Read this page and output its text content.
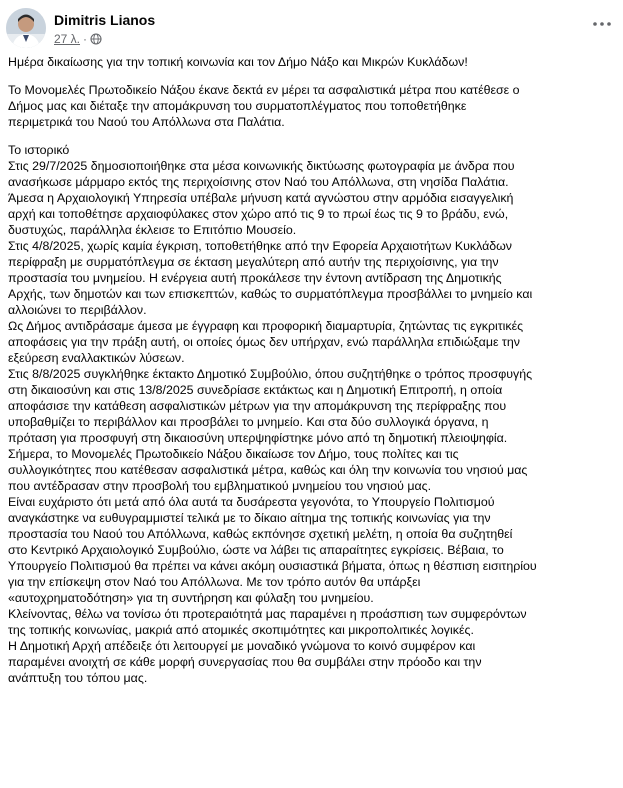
Dimitris Lianos
27 λ. ·

Ημέρα δικαίωσης για την τοπική κοινωνία και τον Δήμο Νάξο και Μικρών Κυκλάδων!

Το Μονομελές Πρωτοδικείο Νάξου έκανε δεκτά εν μέρει τα ασφαλιστικά μέτρα που κατέθεσε ο

Δήμος μας και διέταξε την απομάκρυνση του συρματοπλέγματος που τοποθετήθηκε

περιμετρικά του Ναού του Απόλλωνα στα Παλάτια.

Το ιστορικό

Στις 29/7/2025 δημοσιοποιήθηκε στα μέσα κοινωνικής δικτύωσης φωτογραφία με άνδρα που

ανασήκωσε μάρμαρο εκτός της περιχοίσινης στον Ναό του Απόλλωνα, στη νησίδα Παλάτια.

Άμεσα η Αρχαιολογική Υπηρεσία υπέβαλε μήνυση κατά αγνώστου στην αρμόδια εισαγγελική

αρχή και τοποθέτησε αρχαιοφύλακες στον χώρο από τις 9 το πρωί έως τις 9 το βράδυ, ενώ,

δυστυχώς, παράλληλα έκλεισε το Επιτόπιο Μουσείο.

Στις 4/8/2025, χωρίς καμία έγκριση, τοποθετήθηκε από την Εφορεία Αρχαιοτήτων Κυκλάδων

περίφραξη με συρματόπλεγμα σε έκταση μεγαλύτερη από αυτήν της περιχοίσινης, για την

προστασία του μνημείου. Η ενέργεια αυτή προκάλεσε την έντονη αντίδραση της Δημοτικής

Αρχής, των δημοτών και των επισκεπτών, καθώς το συρματόπλεγμα προσβάλλει το μνημείο και

αλλοιώνει το περιβάλλον.

Ως Δήμος αντιδράσαμε άμεσα με έγγραφη και προφορική διαμαρτυρία, ζητώντας τις εγκριτικές

αποφάσεις για την πράξη αυτή, οι οποίες όμως δεν υπήρχαν, ενώ παράλληλα επιδιώξαμε την

εξεύρεση εναλλακτικών λύσεων.

Στις 8/8/2025 συγκλήθηκε έκτακτο Δημοτικό Συμβούλιο, όπου συζητήθηκε ο τρόπος προσφυγής

στη δικαιοσύνη και στις 13/8/2025 συνεδρίασε εκτάκτως και η Δημοτική Επιτροπή, η οποία

αποφάσισε την κατάθεση ασφαλιστικών μέτρων για την απομάκρυνση της περίφραξης που

υποβαθμίζει το περιβάλλον και προσβάλει το μνημείο. Και στα δύο συλλογικά όργανα, η

πρόταση για προσφυγή στη δικαιοσύνη υπερψηφίστηκε μόνο από τη δημοτική πλειοψηφία.

Σήμερα, το Μονομελές Πρωτοδικείο Νάξου δικαίωσε τον Δήμο, τους πολίτες και τις

συλλογικότητες που κατέθεσαν ασφαλιστικά μέτρα, καθώς και όλη την κοινωνία του νησιού μας

που αντέδρασαν στην προσβολή του εμβληματικού μνημείου του νησιού μας.

Είναι ευχάριστο ότι μετά από όλα αυτά τα δυσάρεστα γεγονότα, το Υπουργείο Πολιτισμού

αναγκάστηκε να ευθυγραμμιστεί τελικά με το δίκαιο αίτημα της τοπικής κοινωνίας για την

προστασία του Ναού του Απόλλωνα, καθώς εκπόνησε σχετική μελέτη, η οποία θα συζητηθεί

στο Κεντρικό Αρχαιολογικό Συμβούλιο, ώστε να λάβει τις απαραίτητες εγκρίσεις. Βέβαια, το

Υπουργείο Πολιτισμού θα πρέπει να κάνει ακόμη ουσιαστικά βήματα, όπως η θέσπιση εισιτηρίου

για την επίσκεψη στον Ναό του Απόλλωνα. Με τον τρόπο αυτόν θα υπάρξει

«αυτοχρηματοδότηση» για τη συντήρηση και φύλαξη του μνημείου.

Κλείνοντας, θέλω να τονίσω ότι προτεραιότητά μας παραμένει η προάσπιση των συμφερόντων

της τοπικής κοινωνίας, μακριά από ατομικές σκοπιμότητες και μικροπολιτικές λογικές.

Η Δημοτική Αρχή απέδειξε ότι λειτουργεί με μοναδικό γνώμονα το κοινό συμφέρον και

παραμένει ανοιχτή σε κάθε μορφή συνεργασίας που θα συμβάλει στην πρόοδο και την

ανάπτυξη του τόπου μας.
